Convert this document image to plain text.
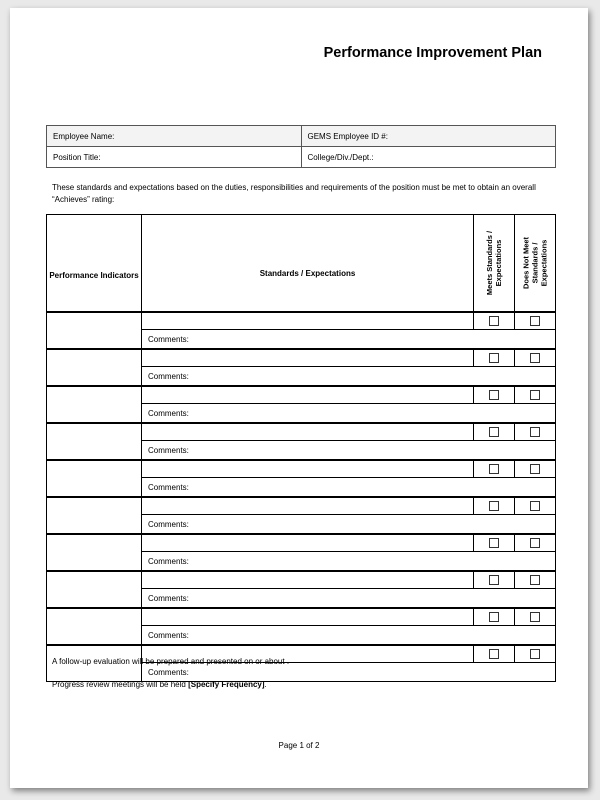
Performance Improvement Plan
Employee Name:	GEMS Employee ID #:
Position Title:	College/Div./Dept.:
These standards and expectations based on the duties, responsibilities and requirements of the position must be met to obtain an overall “Achieves” rating:
Performance Indicators	Standards / Expectations	Meets Standards / Expectations	Does Not Meet Standards / Expectations

	Comments:		

	Comments:		

	Comments:		

	Comments:		

	Comments:		

	Comments:		

	Comments:		

	Comments:		

	Comments:		

	Comments:		
A follow-up evaluation will be prepared and presented on or about .
Progress review meetings will be held [Specify Frequency].
Page 1 of 2
